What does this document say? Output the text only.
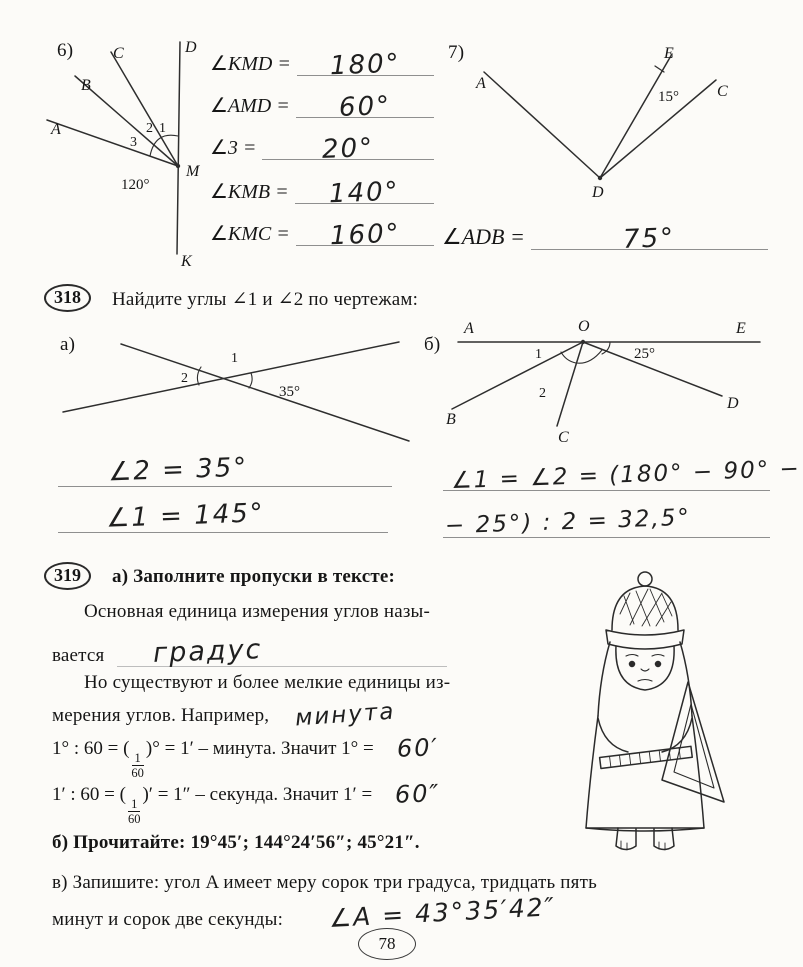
6)	D
K
M
C
B
A
3
2 1
120°
∠KMD =	180°
∠AMD =	60°
∠3 =	20°
∠KMB =	140°
∠KMC =	160°
7)
A
E
C
D
15°
∠ADB =	75°
318	Найдите углы ∠1 и ∠2 по чертежам:
а)
1
2
35°
б)
A	O	E
B
C
D
1
2
25°
∠2 = 35°
∠1 = 145°
∠1 = ∠2 = (180° − 90° −
− 25°) : 2 = 32,5°
319	а) Заполните пропуски в тексте:
Основная единица измерения углов назы-
вается	градус
Но существуют и более мелкие единицы из-
мерения углов. Например, минута
1° : 60 = (
$\frac{1}{60}$
)° = 1′ – минута. Значит 1° = 60′
1′ : 60 = (
$\frac{1}{60}$
)′ = 1″ – секунда. Значит 1′ = 60″
б) Прочитайте: 19°45′; 144°24′56″; 45°21″.
в) Запишите: угол A имеет меру сорок три градуса, тридцать пять
минут и сорок две секунды: ∠A = 43°35′42″
78
